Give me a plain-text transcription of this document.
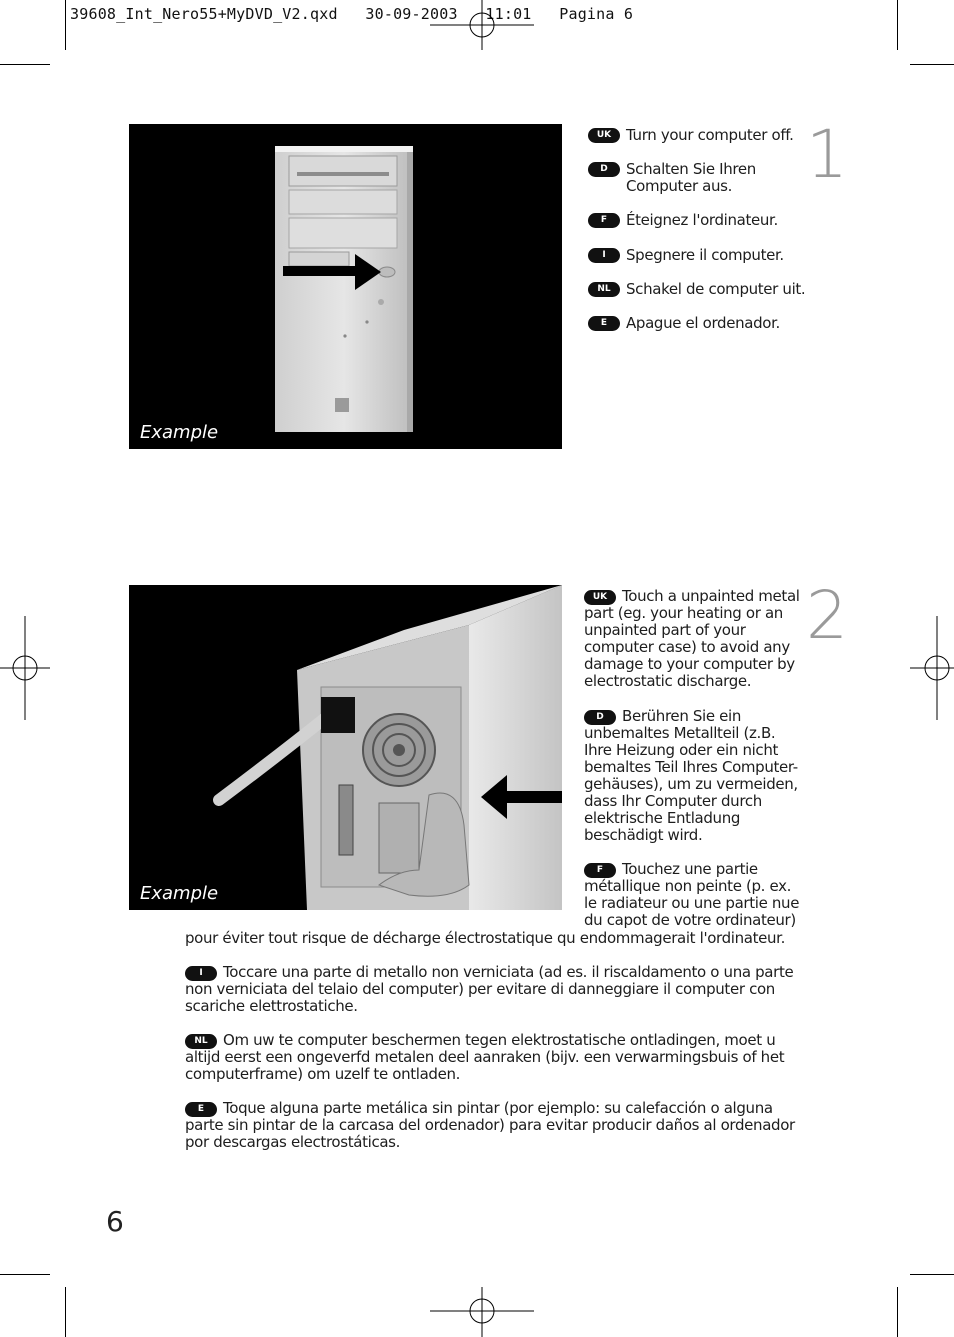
39608_Int_Nero55+MyDVD_V2.qxd   30-09-2003   11:01   Pagina 6
Example
1
UK Turn your computer off.
D	Schalten Sie Ihren
Computer aus.
F	Éteignez l'ordinateur.
I	Spegnere il computer.
NL	Schakel de computer uit.
E	Apague el ordenador.
Example
2
UK Touch a unpainted metal part (eg. your heating or an unpainted part of your computer case) to avoid any damage to your computer by electrostatic discharge.
D Berühren Sie ein unbemaltes Metallteil (z.B. Ihre Heizung oder ein nicht bemaltes Teil Ihres Computer-gehäuses), um zu vermeiden, dass Ihr Computer durch elektrische Entladung beschädigt wird.
F Touchez une partie métallique non peinte (p. ex. le radiateur ou une partie nue du capot de votre ordinateur)
pour éviter tout risque de décharge électrostatique qu endommagerait l'ordinateur.
I Toccare una parte di metallo non verniciata (ad es. il riscaldamento o una parte non verniciata del telaio del computer) per evitare di danneggiare il computer con scariche elettrostatiche.
NL Om uw te computer beschermen tegen elektrostatische ontladingen, moet u altijd eerst een ongeverfd metalen deel aanraken (bijv. een verwarmingsbuis of het computerframe) om uzelf te ontladen.
E Toque alguna parte metálica sin pintar (por ejemplo: su calefacción o alguna parte sin pintar de la carcasa del ordenador) para evitar producir daños al ordenador por descargas electrostáticas.
6
